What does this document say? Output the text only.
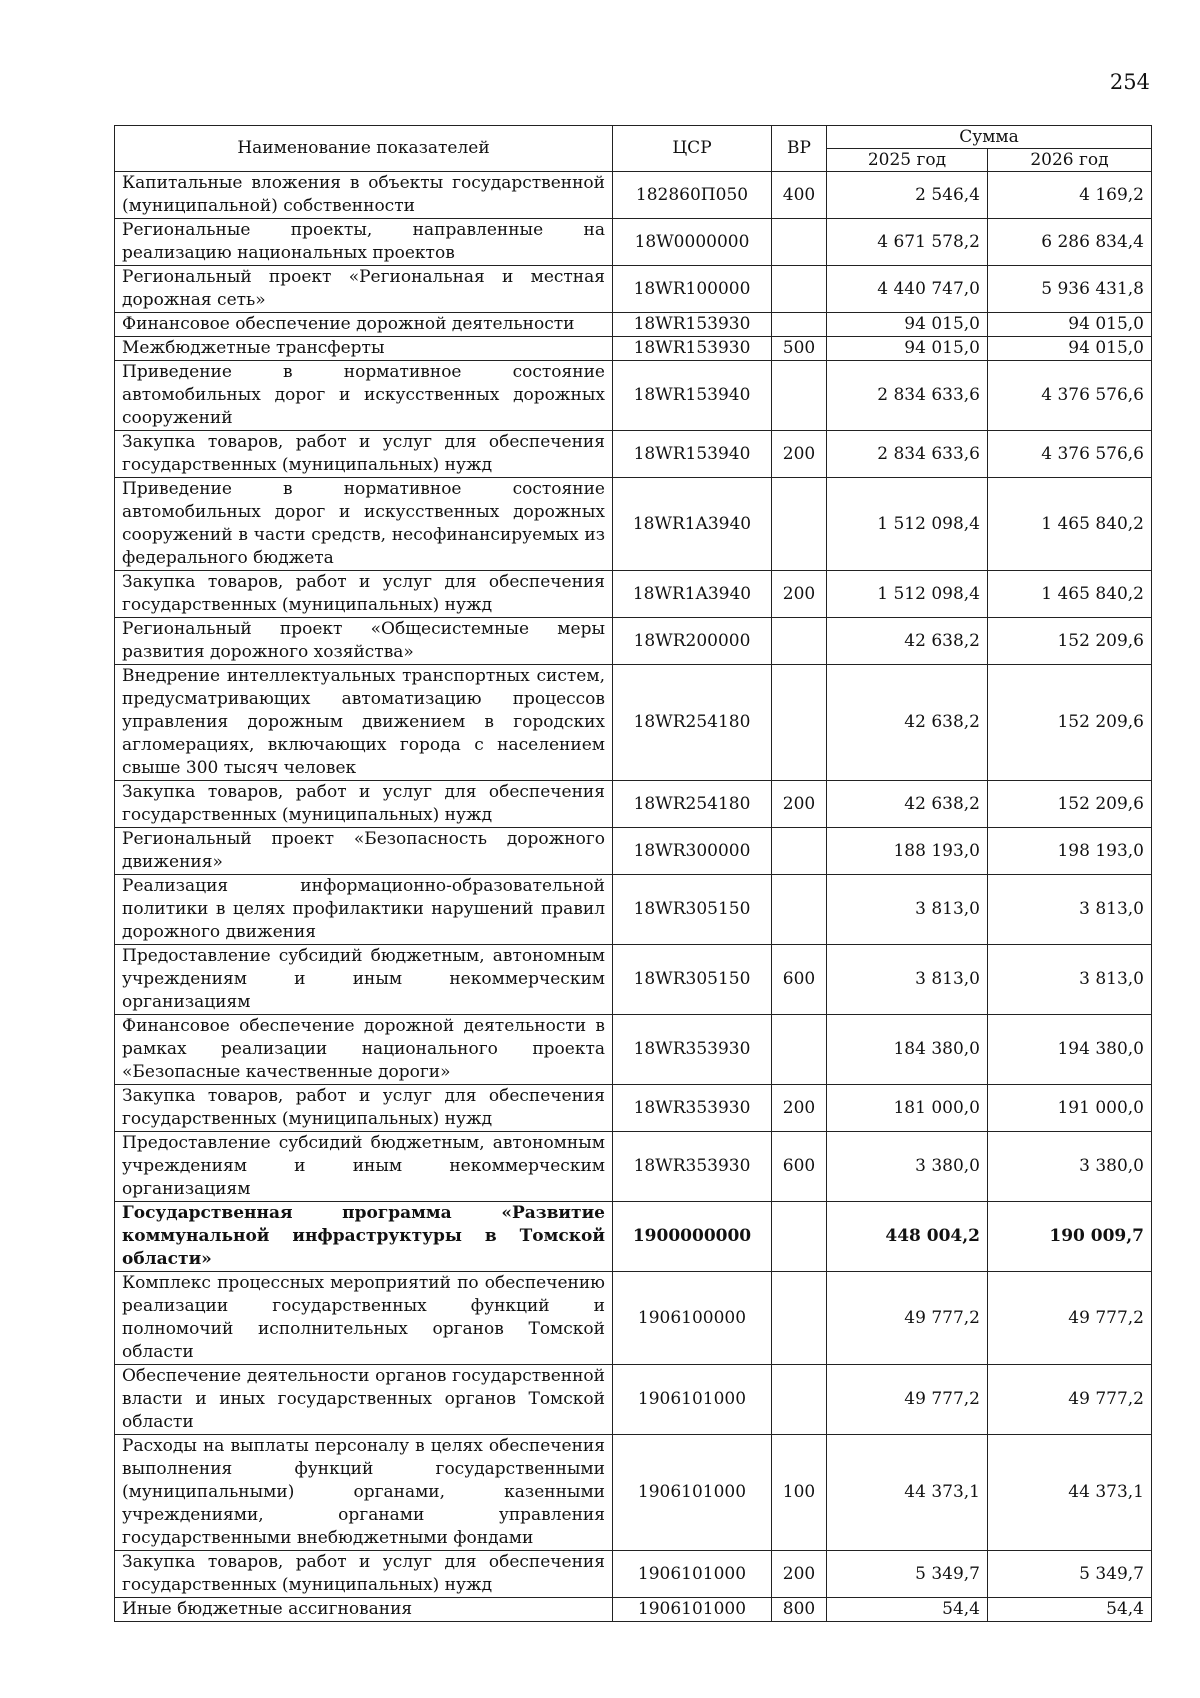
254
Наименование показателей	ЦСР	ВР	Сумма	
			2025 год	2026 год
Капитальные вложения в объекты государственной (муниципальной) собственности	182860П050	400	2 546,4	4 169,2
Региональные проекты, направленные на реализацию национальных проектов	18W0000000		4 671 578,2	6 286 834,4
Региональный проект «Региональная и местная дорожная сеть»	18WR100000		4 440 747,0	5 936 431,8
Финансовое обеспечение дорожной деятельности	18WR153930		94 015,0	94 015,0
Межбюджетные трансферты	18WR153930	500	94 015,0	94 015,0
Приведение в нормативное состояние автомобильных дорог и искусственных дорожных сооружений	18WR153940		2 834 633,6	4 376 576,6
Закупка товаров, работ и услуг для обеспечения государственных (муниципальных) нужд	18WR153940	200	2 834 633,6	4 376 576,6
Приведение в нормативное состояние автомобильных дорог и искусственных дорожных сооружений в части средств, несофинансируемых из федерального бюджета	18WR1A3940		1 512 098,4	1 465 840,2
Закупка товаров, работ и услуг для обеспечения государственных (муниципальных) нужд	18WR1A3940	200	1 512 098,4	1 465 840,2
Региональный проект «Общесистемные меры развития дорожного хозяйства»	18WR200000		42 638,2	152 209,6
Внедрение интеллектуальных транспортных систем, предусматривающих автоматизацию процессов управления дорожным движением в городских агломерациях, включающих города с населением свыше 300 тысяч человек	18WR254180		42 638,2	152 209,6
Закупка товаров, работ и услуг для обеспечения государственных (муниципальных) нужд	18WR254180	200	42 638,2	152 209,6
Региональный проект «Безопасность дорожного движения»	18WR300000		188 193,0	198 193,0
Реализация информационно-образовательной политики в целях профилактики нарушений правил дорожного движения	18WR305150		3 813,0	3 813,0
Предоставление субсидий бюджетным, автономным учреждениям и иным некоммерческим организациям	18WR305150	600	3 813,0	3 813,0
Финансовое обеспечение дорожной деятельности в рамках реализации национального проекта «Безопасные качественные дороги»	18WR353930		184 380,0	194 380,0
Закупка товаров, работ и услуг для обеспечения государственных (муниципальных) нужд	18WR353930	200	181 000,0	191 000,0
Предоставление субсидий бюджетным, автономным учреждениям и иным некоммерческим организациям	18WR353930	600	3 380,0	3 380,0
Государственная программа «Развитие коммунальной инфраструктуры в Томской области»	1900000000		448 004,2	190 009,7
Комплекс процессных мероприятий по обеспечению реализации государственных функций и полномочий исполнительных органов Томской области	1906100000		49 777,2	49 777,2
Обеспечение деятельности органов государственной власти и иных государственных органов Томской области	1906101000		49 777,2	49 777,2
Расходы на выплаты персоналу в целях обеспечения выполнения функций государственными (муниципальными) органами, казенными учреждениями, органами управления государственными внебюджетными фондами	1906101000	100	44 373,1	44 373,1
Закупка товаров, работ и услуг для обеспечения государственных (муниципальных) нужд	1906101000	200	5 349,7	5 349,7
Иные бюджетные ассигнования	1906101000	800	54,4	54,4
